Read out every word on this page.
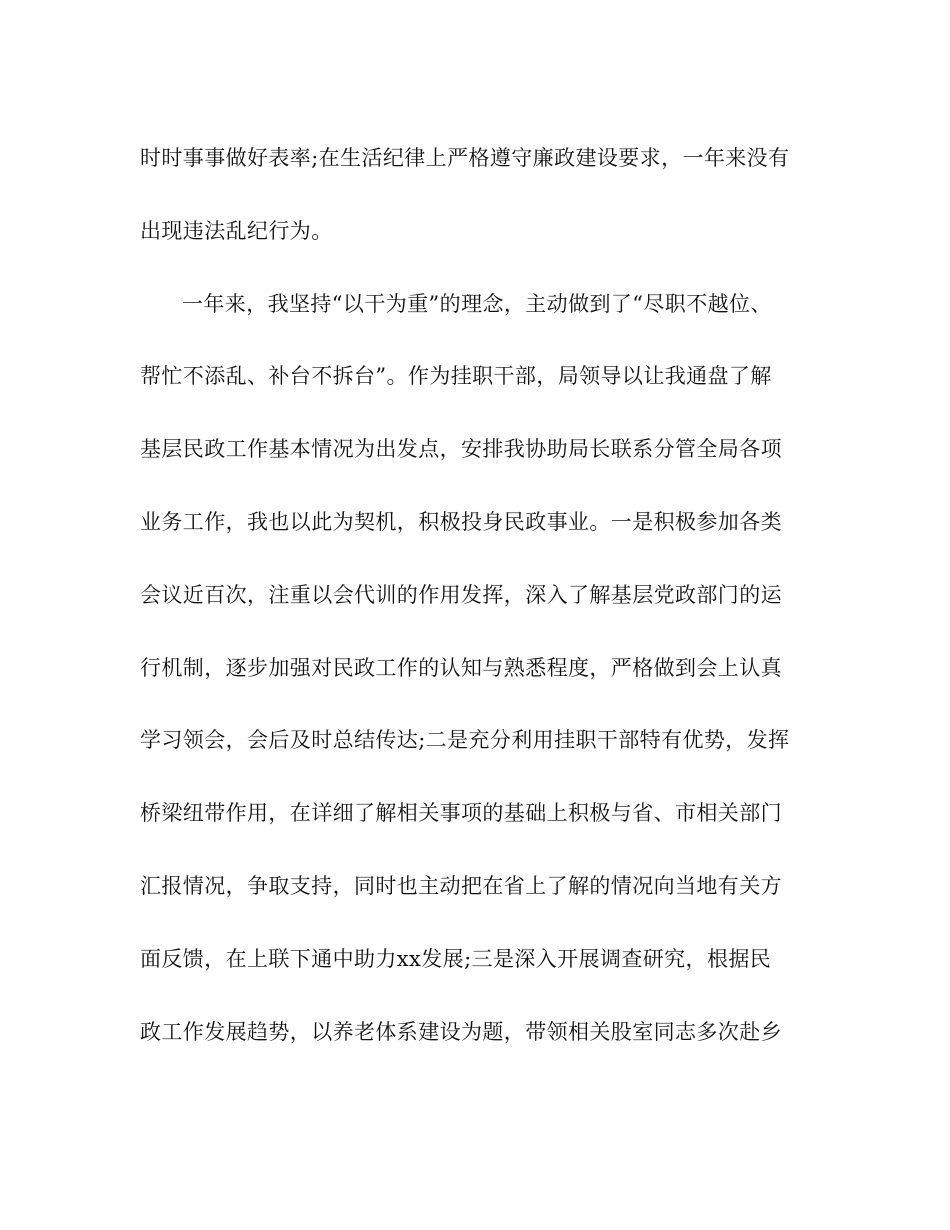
时时事事做好表率;在生活纪律上严格遵守廉政建设要求，一年来没有
出现违法乱纪行为。
一年来，我坚持“以干为重”的理念，主动做到了“尽职不越位、
帮忙不添乱、补台不拆台”。作为挂职干部，局领导以让我通盘了解
基层民政工作基本情况为出发点，安排我协助局长联系分管全局各项
业务工作，我也以此为契机，积极投身民政事业。一是积极参加各类
会议近百次，注重以会代训的作用发挥，深入了解基层党政部门的运
行机制，逐步加强对民政工作的认知与熟悉程度，严格做到会上认真
学习领会，会后及时总结传达;二是充分利用挂职干部特有优势，发挥
桥梁纽带作用，在详细了解相关事项的基础上积极与省、市相关部门
汇报情况，争取支持，同时也主动把在省上了解的情况向当地有关方
面反馈，在上联下通中助力xx发展;三是深入开展调查研究，根据民
政工作发展趋势，以养老体系建设为题，带领相关股室同志多次赴乡
